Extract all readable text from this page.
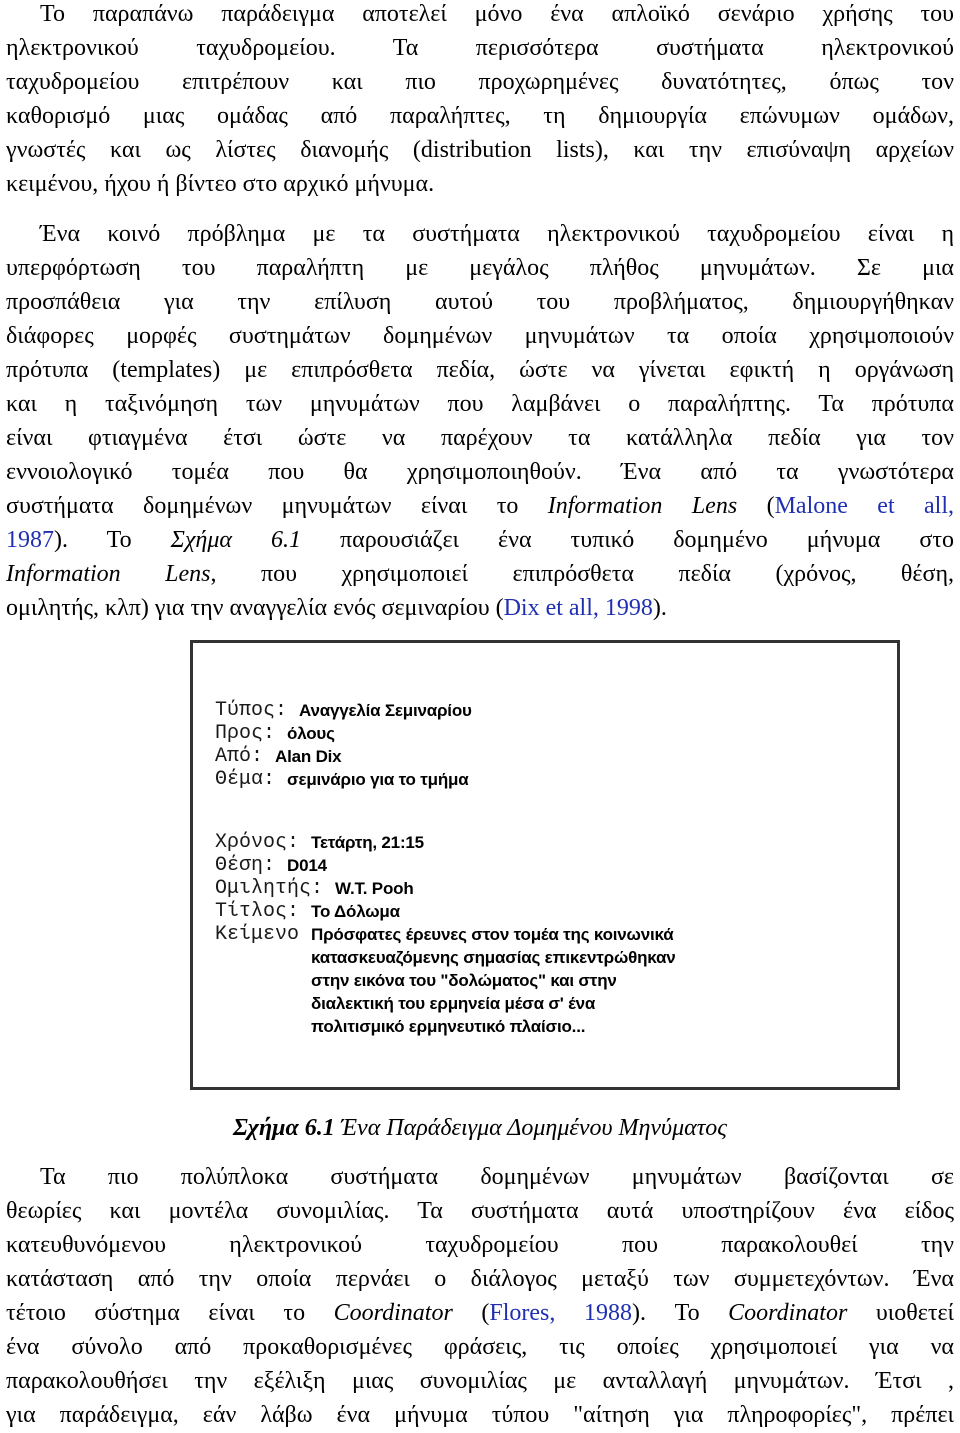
Το παραπάνω παράδειγμα αποτελεί μόνο ένα απλοϊκό σενάριο χρήσης του
ηλεκτρονικού ταχυδρομείου. Τα περισσότερα συστήματα ηλεκτρονικού
ταχυδρομείου επιτρέπουν και πιο προχωρημένες δυνατότητες, όπως τον
καθορισμό μιας ομάδας από παραλήπτες, τη δημιουργία επώνυμων ομάδων,
γνωστές και ως λίστες διανομής (distribution lists), και την επισύναψη αρχείων
κειμένου, ήχου ή βίντεο στο αρχικό μήνυμα.
Ένα κοινό πρόβλημα με τα συστήματα ηλεκτρονικού ταχυδρομείου είναι η
υπερφόρτωση του παραλήπτη με μεγάλος πλήθος μηνυμάτων. Σε μια
προσπάθεια για την επίλυση αυτού του προβλήματος, δημιουργήθηκαν
διάφορες μορφές συστημάτων δομημένων μηνυμάτων τα οποία χρησιμοποιούν
πρότυπα (templates) με επιπρόσθετα πεδία, ώστε να γίνεται εφικτή η οργάνωση
και η ταξινόμηση των μηνυμάτων που λαμβάνει ο παραλήπτης. Τα πρότυπα
είναι φτιαγμένα έτσι ώστε να παρέχουν τα κατάλληλα πεδία για τον
εννοιολογικό τομέα που θα χρησιμοποιηθούν. Ένα από τα γνωστότερα
συστήματα δομημένων μηνυμάτων είναι το Information Lens (Malone et all,
1987). Το Σχήμα 6.1 παρουσιάζει ένα τυπικό δομημένο μήνυμα στο
Information Lens, που χρησιμοποιεί επιπρόσθετα πεδία (χρόνος, θέση,
ομιλητής, κλπ) για την αναγγελία ενός σεμιναρίου (Dix et all, 1998).
Τύπος: Αναγγελία Σεμιναρίου
Προς: όλους
Από: Alan Dix
Θέμα: σεμινάριο για το τμήμα
Χρόνος: Τετάρτη, 21:15
Θέση: D014
Ομιλητής: W.T. Pooh
Τίτλος: Το Δόλωμα
Κείμενο Πρόσφατες έρευνες στον τομέα της κοινωνικά
κατασκευαζόμενης σημασίας επικεντρώθηκαν
στην εικόνα του "δολώματος" και στην
διαλεκτική του ερμηνεία μέσα σ' ένα
πολιτισμικό ερμηνευτικό πλαίσιο...
Σχήμα 6.1 Ένα Παράδειγμα Δομημένου Μηνύματος
Τα πιο πολύπλοκα συστήματα δομημένων μηνυμάτων βασίζονται σε
θεωρίες και μοντέλα συνομιλίας. Τα συστήματα αυτά υποστηρίζουν ένα είδος
κατευθυνόμενου ηλεκτρονικού ταχυδρομείου που παρακολουθεί την
κατάσταση από την οποία περνάει ο διάλογος μεταξύ των συμμετεχόντων. Ένα
τέτοιο σύστημα είναι το Coordinator (Flores, 1988). Το Coordinator υιοθετεί
ένα σύνολο από προκαθορισμένες φράσεις, τις οποίες χρησιμοποιεί για να
παρακολουθήσει την εξέλιξη μιας συνομιλίας με ανταλλαγή μηνυμάτων. Έτσι ,
για παράδειγμα, εάν λάβω ένα μήνυμα τύπου "αίτηση για πληροφορίες", πρέπει
